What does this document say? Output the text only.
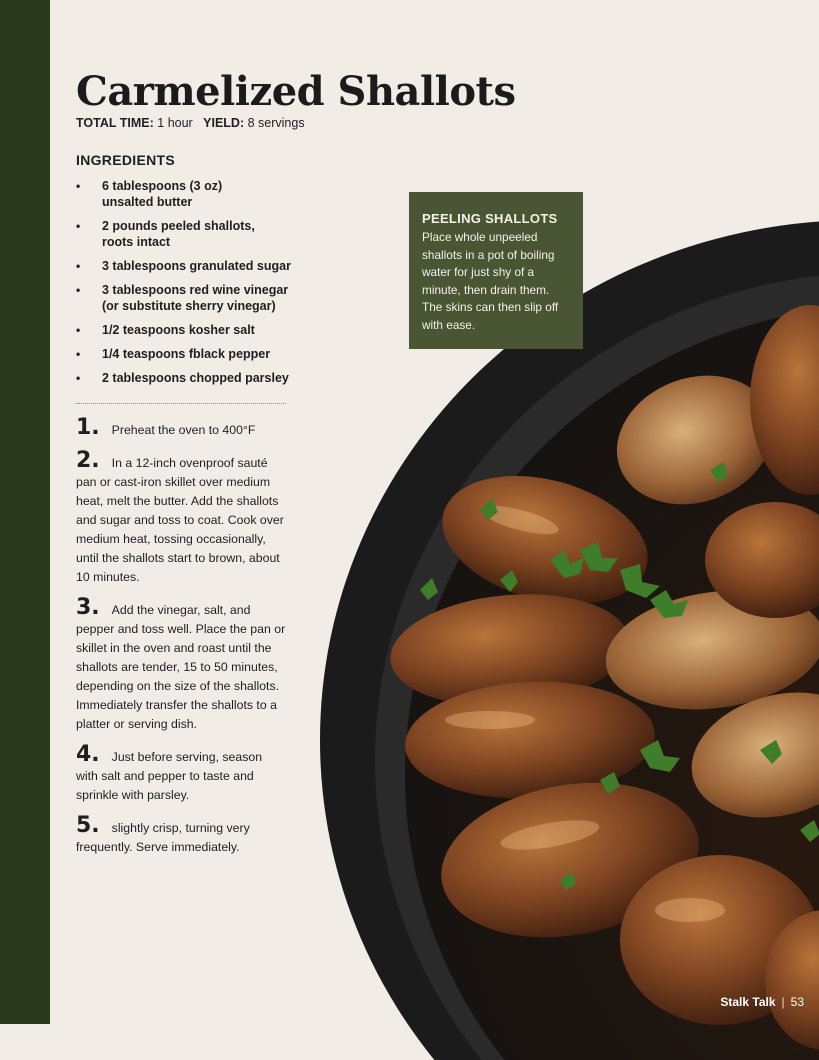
Carmelized Shallots
TOTAL TIME: 1 hour YIELD: 8 servings
INGREDIENTS
• 6 tablespoons (3 oz)
unsalted butter
• 2 pounds peeled shallots,
roots intact
• 3 tablespoons granulated sugar
• 3 tablespoons red wine vinegar
(or substitute sherry vinegar)
• 1/2 teaspoons kosher salt
• 1/4 teaspoons fblack pepper
• 2 tablespoons chopped parsley

1. Preheat the oven to 400°F

2. In a 12-inch ovenproof sauté pan or cast-iron skillet over medium heat, melt the butter. Add the shallots and sugar and toss to coat. Cook over medium heat, tossing occasionally, until the shallots start to brown, about 10 minutes.

3. Add the vinegar, salt, and pepper and toss well. Place the pan or skillet in the oven and roast until the shallots are tender, 15 to 50 minutes, depending on the size of the shallots. Immediately transfer the shallots to a platter or serving dish.

4. Just before serving, season with salt and pepper to taste and sprinkle with parsley.

5. slightly crisp, turning very frequently. Serve immediately.

PEELING SHALLOTS

Place whole unpeeled shallots in a pot of boiling water for just shy of a minute, then drain them. The skins can then slip off with ease.

Stalk Talk | 53
